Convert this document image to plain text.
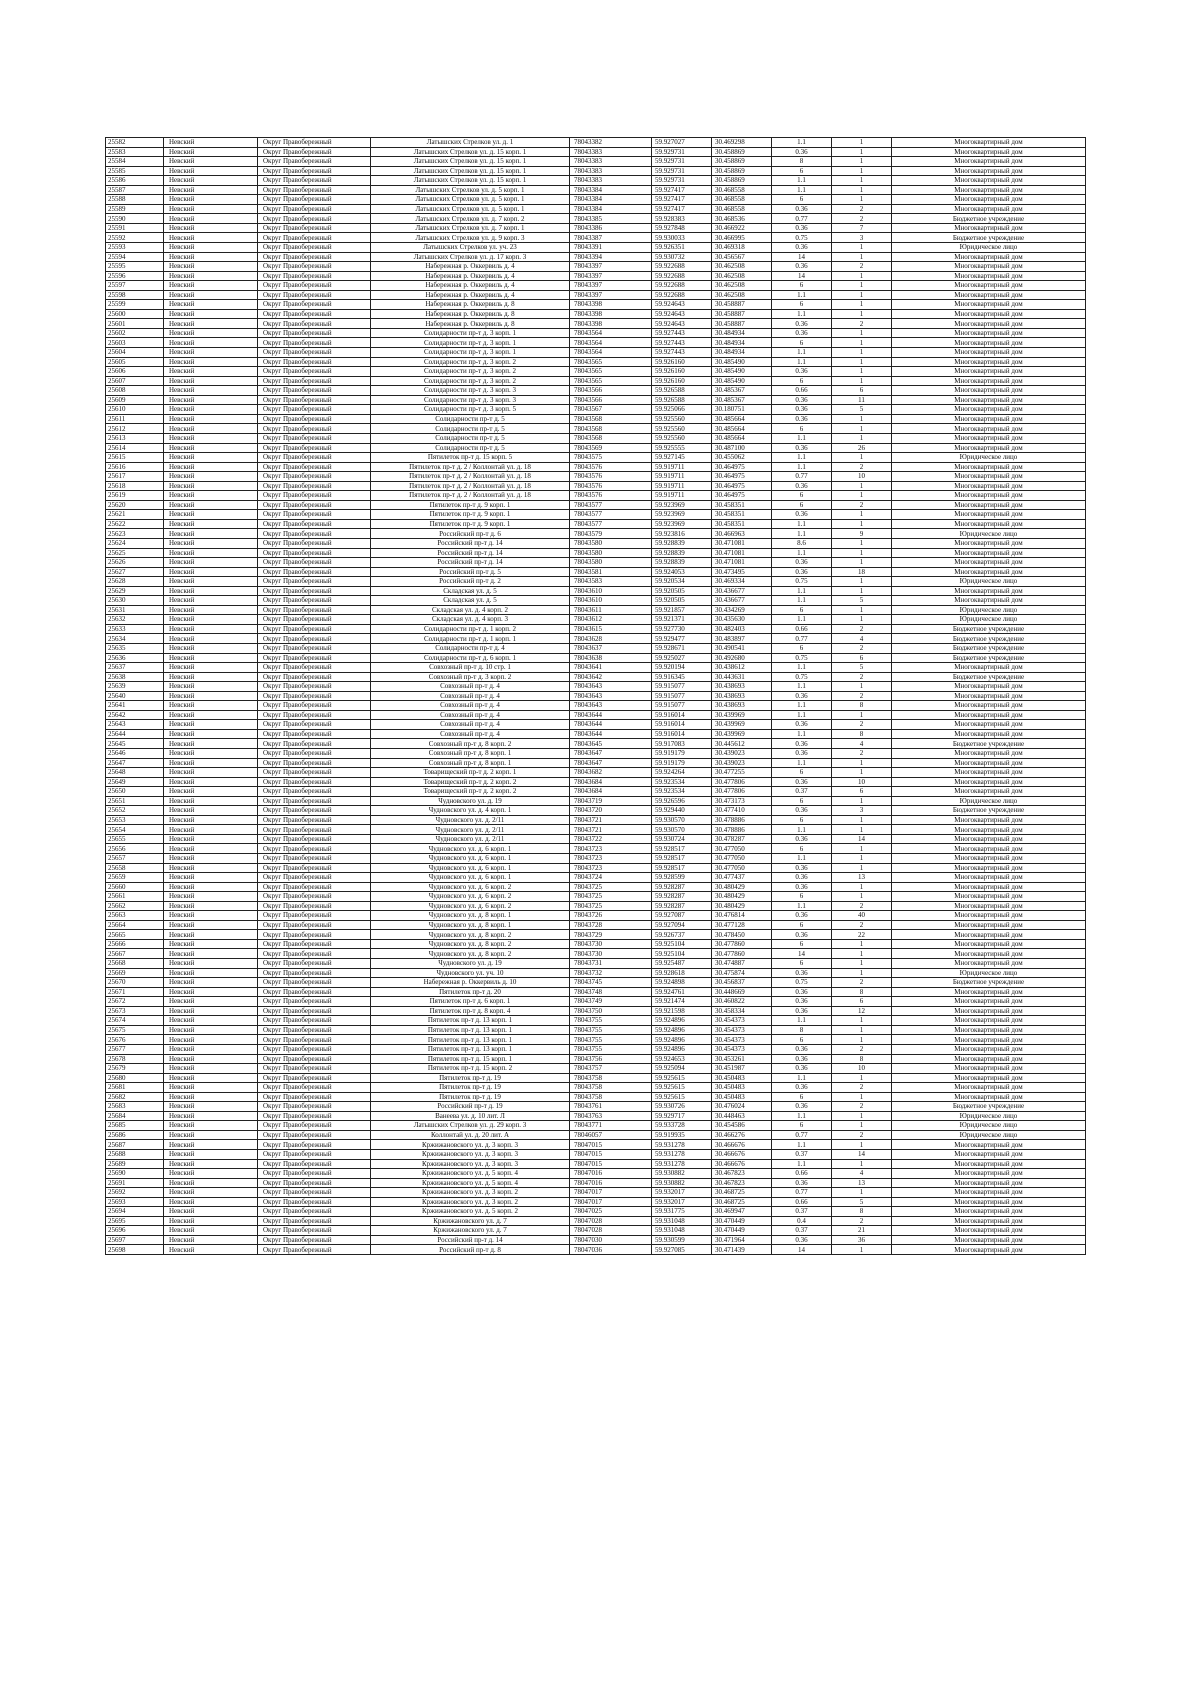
25582	Невский	Округ Правобережный	Латышских Стрелков ул. д. 1	78043382	59.927027	30.469298	1.1	1	Многоквартирный дом
25583	Невский	Округ Правобережный	Латышских Стрелков ул. д. 15 корп. 1	78043383	59.929731	30.458869	0.36	1	Многоквартирный дом
25584	Невский	Округ Правобережный	Латышских Стрелков ул. д. 15 корп. 1	78043383	59.929731	30.458869	8	1	Многоквартирный дом
25585	Невский	Округ Правобережный	Латышских Стрелков ул. д. 15 корп. 1	78043383	59.929731	30.458869	6	1	Многоквартирный дом
25586	Невский	Округ Правобережный	Латышских Стрелков ул. д. 15 корп. 1	78043383	59.929731	30.458869	1.1	1	Многоквартирный дом
25587	Невский	Округ Правобережный	Латышских Стрелков ул. д. 5 корп. 1	78043384	59.927417	30.468558	1.1	1	Многоквартирный дом
25588	Невский	Округ Правобережный	Латышских Стрелков ул. д. 5 корп. 1	78043384	59.927417	30.468558	6	1	Многоквартирный дом
25589	Невский	Округ Правобережный	Латышских Стрелков ул. д. 5 корп. 1	78043384	59.927417	30.468558	0.36	2	Многоквартирный дом
25590	Невский	Округ Правобережный	Латышских Стрелков ул. д. 7 корп. 2	78043385	59.928383	30.468536	0.77	2	Бюджетное учреждение
25591	Невский	Округ Правобережный	Латышских Стрелков ул. д. 7 корп. 1	78043386	59.927848	30.466922	0.36	7	Многоквартирный дом
25592	Невский	Округ Правобережный	Латышских Стрелков ул. д. 9 корп. 3	78043387	59.930033	30.466995	0.75	3	Бюджетное учреждение
25593	Невский	Округ Правобережный	Латышских Стрелков ул. уч. 23	78043391	59.926351	30.469318	0.36	1	Юридическое лицо
25594	Невский	Округ Правобережный	Латышских Стрелков ул. д. 17 корп. 3	78043394	59.930732	30.456567	14	1	Многоквартирный дом
25595	Невский	Округ Правобережный	Набережная р. Оккервиль д. 4	78043397	59.922688	30.462508	0.36	2	Многоквартирный дом
25596	Невский	Округ Правобережный	Набережная р. Оккервиль д. 4	78043397	59.922688	30.462508	14	1	Многоквартирный дом
25597	Невский	Округ Правобережный	Набережная р. Оккервиль д. 4	78043397	59.922688	30.462508	6	1	Многоквартирный дом
25598	Невский	Округ Правобережный	Набережная р. Оккервиль д. 4	78043397	59.922688	30.462508	1.1	1	Многоквартирный дом
25599	Невский	Округ Правобережный	Набережная р. Оккервиль д. 8	78043398	59.924643	30.458887	6	1	Многоквартирный дом
25600	Невский	Округ Правобережный	Набережная р. Оккервиль д. 8	78043398	59.924643	30.458887	1.1	1	Многоквартирный дом
25601	Невский	Округ Правобережный	Набережная р. Оккервиль д. 8	78043398	59.924643	30.458887	0.36	2	Многоквартирный дом
25602	Невский	Округ Правобережный	Солидарности пр-т д. 3 корп. 1	78043564	59.927443	30.484934	0.36	1	Многоквартирный дом
25603	Невский	Округ Правобережный	Солидарности пр-т д. 3 корп. 1	78043564	59.927443	30.484934	6	1	Многоквартирный дом
25604	Невский	Округ Правобережный	Солидарности пр-т д. 3 корп. 1	78043564	59.927443	30.484934	1.1	1	Многоквартирный дом
25605	Невский	Округ Правобережный	Солидарности пр-т д. 3 корп. 2	78043565	59.926160	30.485490	1.1	1	Многоквартирный дом
25606	Невский	Округ Правобережный	Солидарности пр-т д. 3 корп. 2	78043565	59.926160	30.485490	0.36	1	Многоквартирный дом
25607	Невский	Округ Правобережный	Солидарности пр-т д. 3 корп. 2	78043565	59.926160	30.485490	6	1	Многоквартирный дом
25608	Невский	Округ Правобережный	Солидарности пр-т д. 3 корп. 3	78043566	59.926588	30.485367	0.66	6	Многоквартирный дом
25609	Невский	Округ Правобережный	Солидарности пр-т д. 3 корп. 3	78043566	59.926588	30.485367	0.36	11	Многоквартирный дом
25610	Невский	Округ Правобережный	Солидарности пр-т д. 3 корп. 5	78043567	59.925066	30.180751	0.36	5	Многоквартирный дом
25611	Невский	Округ Правобережный	Солидарности пр-т д. 5	78043568	59.925560	30.485664	0.36	1	Многоквартирный дом
25612	Невский	Округ Правобережный	Солидарности пр-т д. 5	78043568	59.925560	30.485664	6	1	Многоквартирный дом
25613	Невский	Округ Правобережный	Солидарности пр-т д. 5	78043568	59.925560	30.485664	1.1	1	Многоквартирный дом
25614	Невский	Округ Правобережный	Солидарности пр-т д. 5	78043569	59.925555	30.487100	0.36	26	Многоквартирный дом
25615	Невский	Округ Правобережный	Пятилеток пр-т д. 15 корп. 5	78043575	59.927145	30.455062	1.1	1	Юридическое лицо
25616	Невский	Округ Правобережный	Пятилеток пр-т д. 2 / Коллонтай ул. д. 18	78043576	59.919711	30.464975	1.1	2	Многоквартирный дом
25617	Невский	Округ Правобережный	Пятилеток пр-т д. 2 / Коллонтай ул. д. 18	78043576	59.919711	30.464975	0.77	10	Многоквартирный дом
25618	Невский	Округ Правобережный	Пятилеток пр-т д. 2 / Коллонтай ул. д. 18	78043576	59.919711	30.464975	0.36	1	Многоквартирный дом
25619	Невский	Округ Правобережный	Пятилеток пр-т д. 2 / Коллонтай ул. д. 18	78043576	59.919711	30.464975	6	1	Многоквартирный дом
25620	Невский	Округ Правобережный	Пятилеток пр-т д. 9 корп. 1	78043577	59.923969	30.458351	6	2	Многоквартирный дом
25621	Невский	Округ Правобережный	Пятилеток пр-т д. 9 корп. 1	78043577	59.923969	30.458351	0.36	1	Многоквартирный дом
25622	Невский	Округ Правобережный	Пятилеток пр-т д. 9 корп. 1	78043577	59.923969	30.458351	1.1	1	Многоквартирный дом
25623	Невский	Округ Правобережный	Российский пр-т д. 6	78043579	59.923816	30.466963	1.1	9	Юридическое лицо
25624	Невский	Округ Правобережный	Российский пр-т д. 14	78043580	59.928839	30.471081	8.6	1	Многоквартирный дом
25625	Невский	Округ Правобережный	Российский пр-т д. 14	78043580	59.928839	30.471081	1.1	1	Многоквартирный дом
25626	Невский	Округ Правобережный	Российский пр-т д. 14	78043580	59.928839	30.471081	0.36	1	Многоквартирный дом
25627	Невский	Округ Правобережный	Российский пр-т д. 5	78043581	59.924053	30.473495	0.36	18	Многоквартирный дом
25628	Невский	Округ Правобережный	Российский пр-т д. 2	78043583	59.920534	30.469334	0.75	1	Юридическое лицо
25629	Невский	Округ Правобережный	Складская ул. д. 5	78043610	59.920505	30.436677	1.1	1	Многоквартирный дом
25630	Невский	Округ Правобережный	Складская ул. д. 5	78043610	59.920505	30.436677	1.1	5	Многоквартирный дом
25631	Невский	Округ Правобережный	Складская ул. д. 4 корп. 2	78043611	59.921857	30.434269	6	1	Юридическое лицо
25632	Невский	Округ Правобережный	Складская ул. д. 4 корп. 3	78043612	59.921371	30.435630	1.1	1	Юридическое лицо
25633	Невский	Округ Правобережный	Солидарности пр-т д. 1 корп. 2	78043615	59.927730	30.482403	0.66	2	Бюджетное учреждение
25634	Невский	Округ Правобережный	Солидарности пр-т д. 1 корп. 1	78043628	59.929477	30.483897	0.77	4	Бюджетное учреждение
25635	Невский	Округ Правобережный	Солидарности пр-т д. 4	78043637	59.928671	30.490541	6	2	Бюджетное учреждение
25636	Невский	Округ Правобережный	Солидарности пр-т д. 6 корп. 1	78043638	59.925027	30.492680	0.75	6	Бюджетное учреждение
25637	Невский	Округ Правобережный	Совхозный пр-т д. 10 стр. 1	78043641	59.920194	30.438612	1.1	5	Многоквартирный дом
25638	Невский	Округ Правобережный	Совхозный пр-т д. 3 корп. 2	78043642	59.916345	30.443631	0.75	2	Бюджетное учреждение
25639	Невский	Округ Правобережный	Совхозный пр-т д. 4	78043643	59.915077	30.438693	1.1	1	Многоквартирный дом
25640	Невский	Округ Правобережный	Совхозный пр-т д. 4	78043643	59.915077	30.438693	0.36	2	Многоквартирный дом
25641	Невский	Округ Правобережный	Совхозный пр-т д. 4	78043643	59.915077	30.438693	1.1	8	Многоквартирный дом
25642	Невский	Округ Правобережный	Совхозный пр-т д. 4	78043644	59.916014	30.439969	1.1	1	Многоквартирный дом
25643	Невский	Округ Правобережный	Совхозный пр-т д. 4	78043644	59.916014	30.439969	0.36	2	Многоквартирный дом
25644	Невский	Округ Правобережный	Совхозный пр-т д. 4	78043644	59.916014	30.439969	1.1	8	Многоквартирный дом
25645	Невский	Округ Правобережный	Совхозный пр-т д. 8 корп. 2	78043645	59.917083	30.445612	0.36	4	Бюджетное учреждение
25646	Невский	Округ Правобережный	Совхозный пр-т д. 8 корп. 1	78043647	59.919179	30.439023	0.36	2	Многоквартирный дом
25647	Невский	Округ Правобережный	Совхозный пр-т д. 8 корп. 1	78043647	59.919179	30.439023	1.1	1	Многоквартирный дом
25648	Невский	Округ Правобережный	Товарищеский пр-т д. 2 корп. 1	78043682	59.924264	30.477255	6	1	Многоквартирный дом
25649	Невский	Округ Правобережный	Товарищеский пр-т д. 2 корп. 2	78043684	59.923534	30.477806	0.36	10	Многоквартирный дом
25650	Невский	Округ Правобережный	Товарищеский пр-т д. 2 корп. 2	78043684	59.923534	30.477806	0.37	6	Многоквартирный дом
25651	Невский	Округ Правобережный	Чудновского ул. д. 19	78043719	59.926596	30.473173	6	1	Юридическое лицо
25652	Невский	Округ Правобережный	Чудновского ул. д. 4 корп. 1	78043720	59.929440	30.477410	0.36	3	Бюджетное учреждение
25653	Невский	Округ Правобережный	Чудновского ул. д. 2/11	78043721	59.930570	30.478886	6	1	Многоквартирный дом
25654	Невский	Округ Правобережный	Чудновского ул. д. 2/11	78043721	59.930570	30.478886	1.1	1	Многоквартирный дом
25655	Невский	Округ Правобережный	Чудновского ул. д. 2/11	78043722	59.930724	30.478287	0.36	14	Многоквартирный дом
25656	Невский	Округ Правобережный	Чудновского ул. д. 6 корп. 1	78043723	59.928517	30.477050	6	1	Многоквартирный дом
25657	Невский	Округ Правобережный	Чудновского ул. д. 6 корп. 1	78043723	59.928517	30.477050	1.1	1	Многоквартирный дом
25658	Невский	Округ Правобережный	Чудновского ул. д. 6 корп. 1	78043723	59.928517	30.477050	0.36	1	Многоквартирный дом
25659	Невский	Округ Правобережный	Чудновского ул. д. 6 корп. 1	78043724	59.928599	30.477437	0.36	13	Многоквартирный дом
25660	Невский	Округ Правобережный	Чудновского ул. д. 6 корп. 2	78043725	59.928287	30.480429	0.36	1	Многоквартирный дом
25661	Невский	Округ Правобережный	Чудновского ул. д. 6 корп. 2	78043725	59.928287	30.480429	6	1	Многоквартирный дом
25662	Невский	Округ Правобережный	Чудновского ул. д. 6 корп. 2	78043725	59.928287	30.480429	1.1	2	Многоквартирный дом
25663	Невский	Округ Правобережный	Чудновского ул. д. 8 корп. 1	78043726	59.927087	30.476814	0.36	40	Многоквартирный дом
25664	Невский	Округ Правобережный	Чудновского ул. д. 8 корп. 1	78043728	59.927094	30.477128	6	2	Многоквартирный дом
25665	Невский	Округ Правобережный	Чудновского ул. д. 8 корп. 2	78043729	59.926737	30.478450	0.36	22	Многоквартирный дом
25666	Невский	Округ Правобережный	Чудновского ул. д. 8 корп. 2	78043730	59.925104	30.477860	6	1	Многоквартирный дом
25667	Невский	Округ Правобережный	Чудновского ул. д. 8 корп. 2	78043730	59.925104	30.477860	14	1	Многоквартирный дом
25668	Невский	Округ Правобережный	Чудновского ул. д. 19	78043731	59.925487	30.474887	6	1	Многоквартирный дом
25669	Невский	Округ Правобережный	Чудновского ул. уч. 10	78043732	59.928618	30.475874	0.36	1	Юридическое лицо
25670	Невский	Округ Правобережный	Набережная р. Оккервиль д. 10	78043745	59.924898	30.456837	0.75	2	Бюджетное учреждение
25671	Невский	Округ Правобережный	Пятилеток пр-т д. 20	78043748	59.924761	30.448669	0.36	8	Многоквартирный дом
25672	Невский	Округ Правобережный	Пятилеток пр-т д. 6 корп. 1	78043749	59.921474	30.460822	0.36	6	Многоквартирный дом
25673	Невский	Округ Правобережный	Пятилеток пр-т д. 8 корп. 4	78043750	59.921598	30.458334	0.36	12	Многоквартирный дом
25674	Невский	Округ Правобережный	Пятилеток пр-т д. 13 корп. 1	78043755	59.924896	30.454373	1.1	1	Многоквартирный дом
25675	Невский	Округ Правобережный	Пятилеток пр-т д. 13 корп. 1	78043755	59.924896	30.454373	8	1	Многоквартирный дом
25676	Невский	Округ Правобережный	Пятилеток пр-т д. 13 корп. 1	78043755	59.924896	30.454373	6	1	Многоквартирный дом
25677	Невский	Округ Правобережный	Пятилеток пр-т д. 13 корп. 1	78043755	59.924896	30.454373	0.36	2	Многоквартирный дом
25678	Невский	Округ Правобережный	Пятилеток пр-т д. 15 корп. 1	78043756	59.924653	30.453261	0.36	8	Многоквартирный дом
25679	Невский	Округ Правобережный	Пятилеток пр-т д. 15 корп. 2	78043757	59.925094	30.451987	0.36	10	Многоквартирный дом
25680	Невский	Округ Правобережный	Пятилеток пр-т д. 19	78043758	59.925615	30.450483	1.1	1	Многоквартирный дом
25681	Невский	Округ Правобережный	Пятилеток пр-т д. 19	78043758	59.925615	30.450483	0.36	2	Многоквартирный дом
25682	Невский	Округ Правобережный	Пятилеток пр-т д. 19	78043758	59.925615	30.450483	6	1	Многоквартирный дом
25683	Невский	Округ Правобережный	Российский пр-т д. 19	78043761	59.930726	30.476024	0.36	2	Бюджетное учреждение
25684	Невский	Округ Правобережный	Ванеева ул. д. 10 лит. Л	78043763	59.929717	30.448463	1.1	1	Юридическое лицо
25685	Невский	Округ Правобережный	Латышских Стрелков ул. д. 29 корп. 3	78043771	59.933728	30.454586	6	1	Юридическое лицо
25686	Невский	Округ Правобережный	Коллонтай ул. д. 20 лит. А	78046057	59.919935	30.466276	0.77	2	Юридическое лицо
25687	Невский	Округ Правобережный	Кржижановского ул. д. 3 корп. 3	78047015	59.931278	30.466676	1.1	1	Многоквартирный дом
25688	Невский	Округ Правобережный	Кржижановского ул. д. 3 корп. 3	78047015	59.931278	30.466676	0.37	14	Многоквартирный дом
25689	Невский	Округ Правобережный	Кржижановского ул. д. 3 корп. 3	78047015	59.931278	30.466676	1.1	1	Многоквартирный дом
25690	Невский	Округ Правобережный	Кржижановского ул. д. 5 корп. 4	78047016	59.930882	30.467823	0.66	4	Многоквартирный дом
25691	Невский	Округ Правобережный	Кржижановского ул. д. 5 корп. 4	78047016	59.930882	30.467823	0.36	13	Многоквартирный дом
25692	Невский	Округ Правобережный	Кржижановского ул. д. 3 корп. 2	78047017	59.932017	30.468725	0.77	1	Многоквартирный дом
25693	Невский	Округ Правобережный	Кржижановского ул. д. 3 корп. 2	78047017	59.932017	30.468725	0.66	5	Многоквартирный дом
25694	Невский	Округ Правобережный	Кржижановского ул. д. 5 корп. 2	78047025	59.931775	30.469947	0.37	8	Многоквартирный дом
25695	Невский	Округ Правобережный	Кржижановского ул. д. 7	78047028	59.931048	30.470449	0.4	2	Многоквартирный дом
25696	Невский	Округ Правобережный	Кржижановского ул. д. 7	78047028	59.931048	30.470449	0.37	21	Многоквартирный дом
25697	Невский	Округ Правобережный	Российский пр-т д. 14	78047030	59.930599	30.471964	0.36	36	Многоквартирный дом
25698	Невский	Округ Правобережный	Российский пр-т д. 8	78047036	59.927085	30.471439	14	1	Многоквартирный дом
